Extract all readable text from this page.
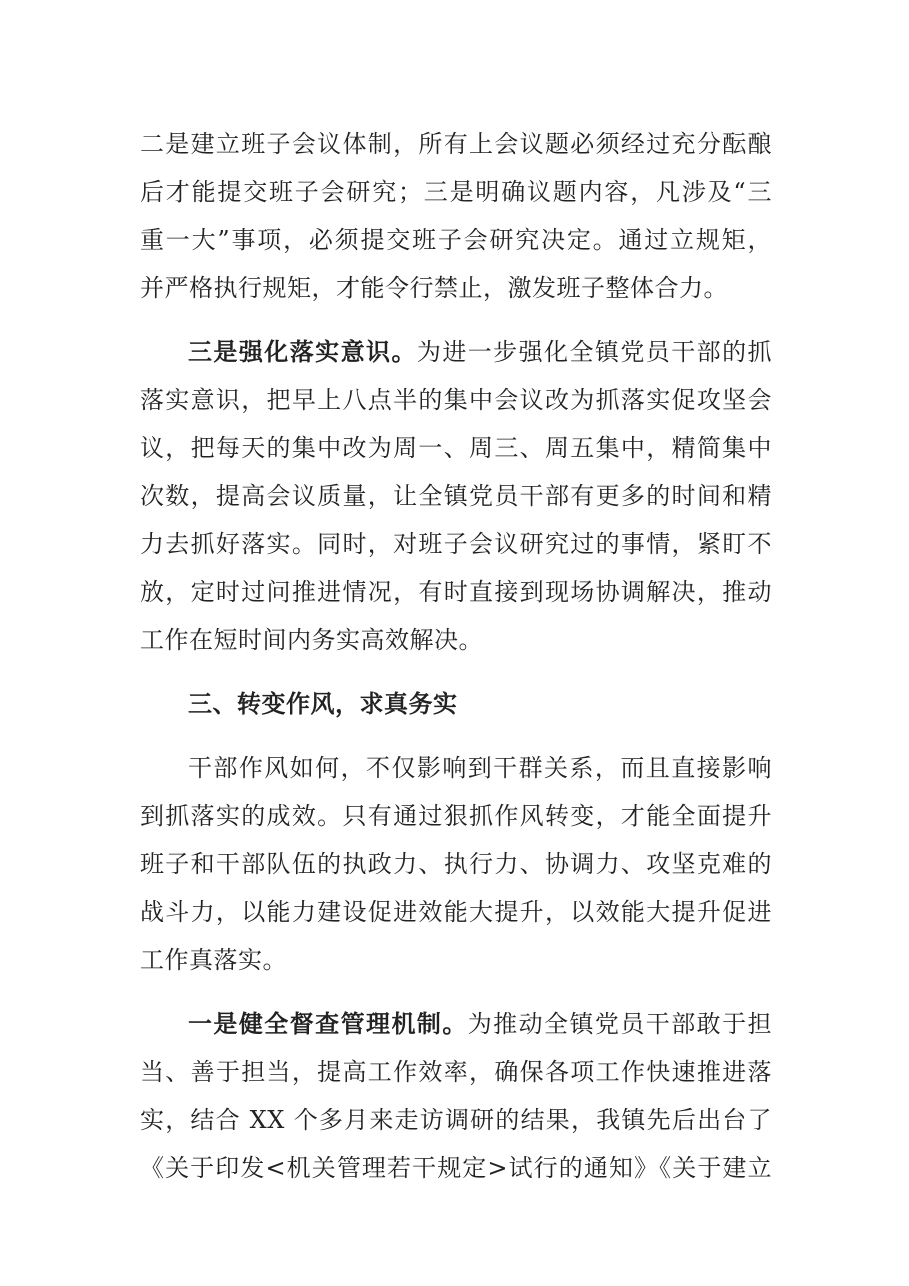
二是建立班子会议体制，所有上会议题必须经过充分酝酿
后才能提交班子会研究；三是明确议题内容，凡涉及“三
重一大”事项，必须提交班子会研究决定。通过立规矩，
并严格执行规矩，才能令行禁止，激发班子整体合力。
三是强化落实意识。为进一步强化全镇党员干部的抓
落实意识，把早上八点半的集中会议改为抓落实促攻坚会
议，把每天的集中改为周一、周三、周五集中，精简集中
次数，提高会议质量，让全镇党员干部有更多的时间和精
力去抓好落实。同时，对班子会议研究过的事情，紧盯不
放，定时过问推进情况，有时直接到现场协调解决，推动
工作在短时间内务实高效解决。
三、转变作风，求真务实
干部作风如何，不仅影响到干群关系，而且直接影响
到抓落实的成效。只有通过狠抓作风转变，才能全面提升
班子和干部队伍的执政力、执行力、协调力、攻坚克难的
战斗力，以能力建设促进效能大提升，以效能大提升促进
工作真落实。
一是健全督查管理机制。为推动全镇党员干部敢于担
当、善于担当，提高工作效率，确保各项工作快速推进落
实，结合 XX 个多月来走访调研的结果，我镇先后出台了
《关于印发<机关管理若干规定>试行的通知》《关于建立
